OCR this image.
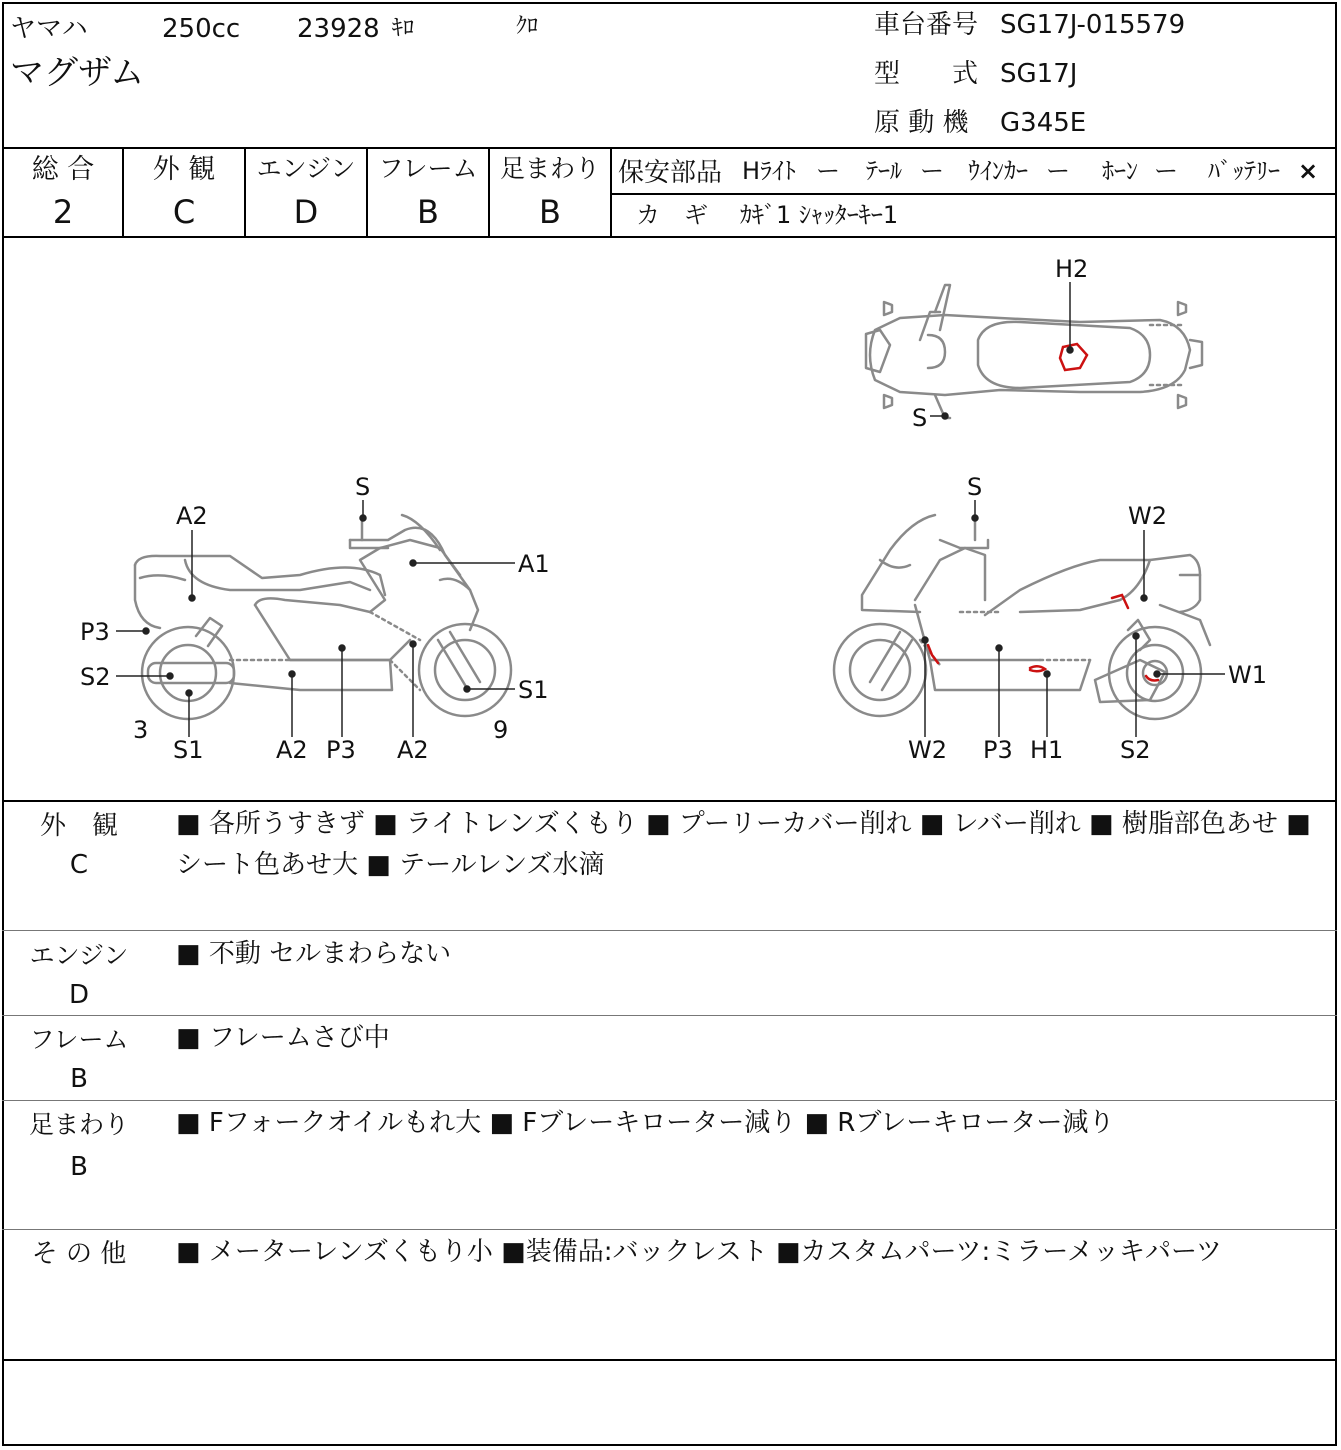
ヤマハ	250cc 23928 ｷﾛ	ｸﾛ
マグザム
車台番号 SG17J-015579
型　　式 SG17J
原 動 機 G345E
総 合
2
外 観
C
エンジン
D
フレーム
B
足まわり
B
保安部品 Hﾗｲﾄ ー ﾃｰﾙ ー ｳｲﾝｶｰ ー ﾎｰﾝ ー ﾊﾞｯﾃﾘｰ ×
カ　ギ ｶｷﾞ1 ｼｬｯﾀｰｷｰ1
A2
S
A1
P3
S2	S1
3
S1	A2 P3 A2
9
S
W2
W1
W2 P3 H1 S2
H2
S
外　観
C
■ 各所うすきず ■ ライトレンズくもり ■ プーリーカバー削れ ■ レバー削れ ■ 樹脂部色あせ ■ シート色あせ大 ■ テールレンズ水滴
エンジン
D
■ 不動 セルまわらない
フレーム
B
■ フレームさび中
足まわり
B
■ Fフォークオイルもれ大 ■ Fブレーキローター減り ■ Rブレーキローター減り
そ の 他	■ メーターレンズくもり小 ■装備品:バックレスト ■カスタムパーツ:ミラーメッキパーツ
